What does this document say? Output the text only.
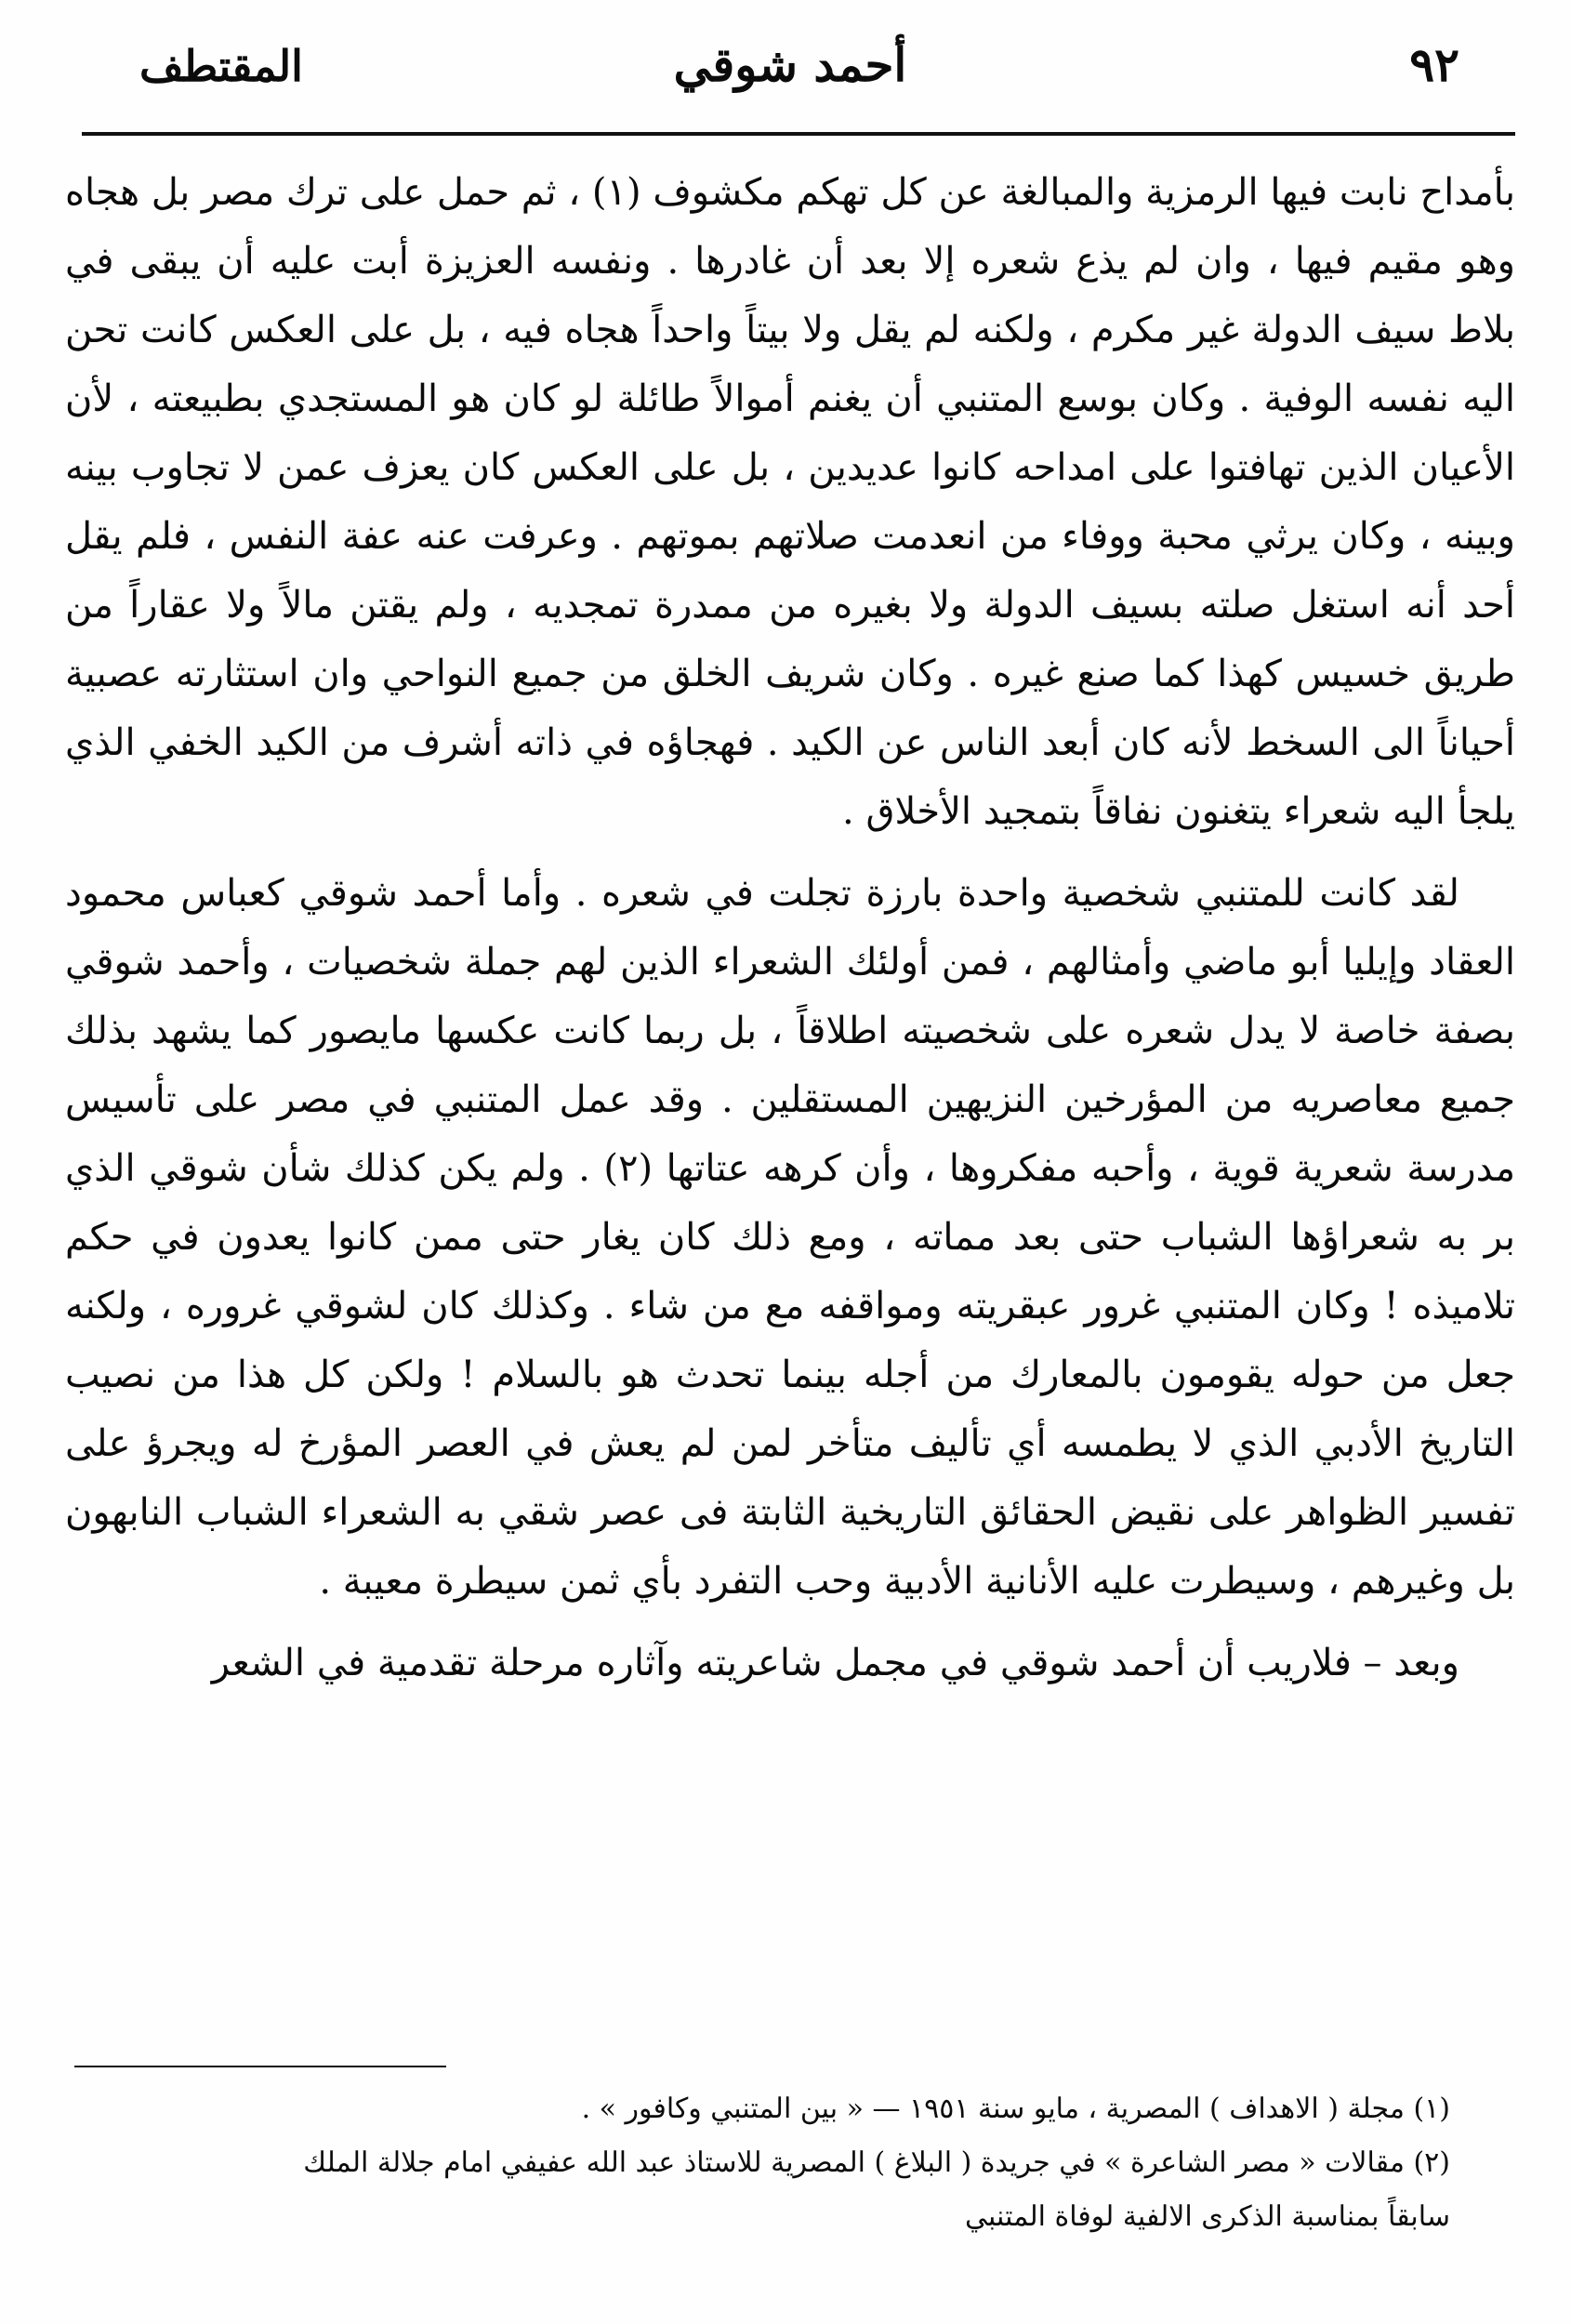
٩٢
أحمد شوقي
المقتطف

بأمداح نابت فيها الرمزية والمبالغة عن كل تهكم مكشوف (١) ، ثم حمل على ترك مصر بل هجاه وهو مقيم فيها ، وان لم يذع شعره إلا بعد أن غادرها . ونفسه العزيزة أبت عليه أن يبقى في بلاط سيف الدولة غير مكرم ، ولكنه لم يقل ولا بيتاً واحداً هجاه فيه ، بل على العكس كانت تحن اليه نفسه الوفية . وكان بوسع المتنبي أن يغنم أموالاً طائلة لو كان هو المستجدي بطبيعته ، لأن الأعيان الذين تهافتوا على امداحه كانوا عديدين ، بل على العكس كان يعزف عمن لا تجاوب بينه وبينه ، وكان يرثي محبة ووفاء من انعدمت صلاتهم بموتهم . وعرفت عنه عفة النفس ، فلم يقل أحد أنه استغل صلته بسيف الدولة ولا بغيره من ممدرة تمجديه ، ولم يقتن مالاً ولا عقاراً من طريق خسيس كهذا كما صنع غيره . وكان شريف الخلق من جميع النواحي وان استثارته عصبية أحياناً الى السخط لأنه كان أبعد الناس عن الكيد . فهجاؤه في ذاته أشرف من الكيد الخفي الذي يلجأ اليه شعراء يتغنون نفاقاً بتمجيد الأخلاق .

لقد كانت للمتنبي شخصية واحدة بارزة تجلت في شعره . وأما أحمد شوقي كعباس محمود العقاد وإيليا أبو ماضي وأمثالهم ، فمن أولئك الشعراء الذين لهم جملة شخصيات ، وأحمد شوقي بصفة خاصة لا يدل شعره على شخصيته اطلاقاً ، بل ربما كانت عكسها مايصور كما يشهد بذلك جميع معاصريه من المؤرخين النزيهين المستقلين . وقد عمل المتنبي في مصر على تأسيس مدرسة شعرية قوية ، وأحبه مفكروها ، وأن كرهه عتاتها (٢) . ولم يكن كذلك شأن شوقي الذي بر به شعراؤها الشباب حتى بعد مماته ، ومع ذلك كان يغار حتى ممن كانوا يعدون في حكم تلاميذه ! وكان المتنبي غرور عبقريته ومواقفه مع من شاء . وكذلك كان لشوقي غروره ، ولكنه جعل من حوله يقومون بالمعارك من أجله بينما تحدث هو بالسلام ! ولكن كل هذا من نصيب التاريخ الأدبي الذي لا يطمسه أي تأليف متأخر لمن لم يعش في العصر المؤرخ له ويجرؤ على تفسير الظواهر على نقيض الحقائق التاريخية الثابتة فى عصر شقي به الشعراء الشباب النابهون بل وغيرهم ، وسيطرت عليه الأنانية الأدبية وحب التفرد بأي ثمن سيطرة معيبة .

وبعد – فلاريب أن أحمد شوقي في مجمل شاعريته وآثاره مرحلة تقدمية في الشعر

(١) مجلة ( الاهداف ) المصرية ، مايو سنة ١٩٥١ — « بين المتنبي وكافور » .

(٢) مقالات « مصر الشاعرة » في جريدة ( البلاغ ) المصرية للاستاذ عبد الله عفيفي امام جلالة الملك

سابقاً بمناسبة الذكرى الالفية لوفاة المتنبي
